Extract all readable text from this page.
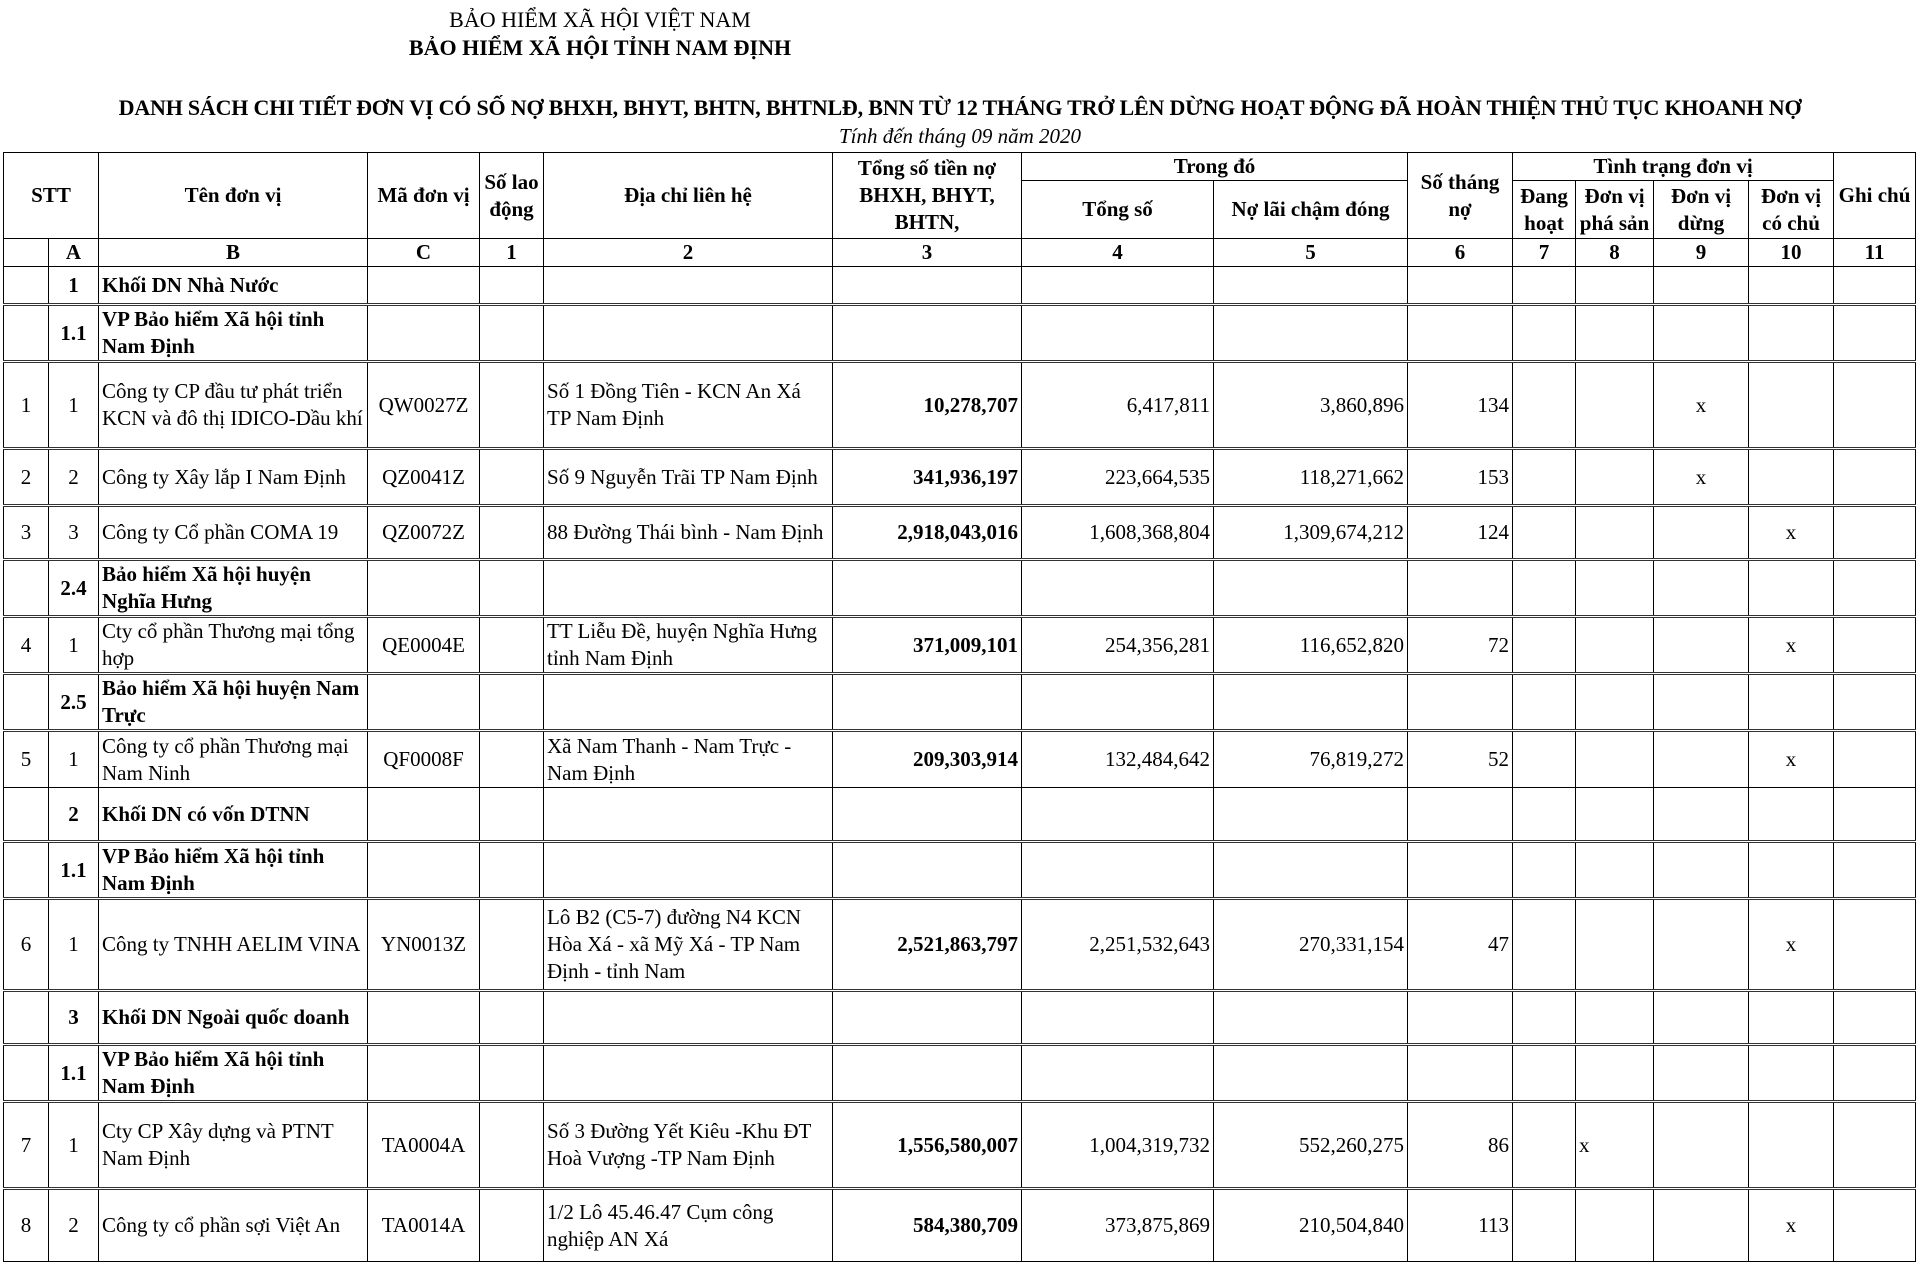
BẢO HIỂM XÃ HỘI VIỆT NAM
BẢO HIỂM XÃ HỘI TỈNH NAM ĐỊNH
DANH SÁCH CHI TIẾT ĐƠN VỊ CÓ SỐ NỢ BHXH, BHYT, BHTN, BHTNLĐ, BNN TỪ 12 THÁNG TRỞ LÊN DỪNG HOẠT ĐỘNG ĐÃ HOÀN THIỆN THỦ TỤC KHOANH NỢ
Tính đến tháng 09 năm 2020
STT		Tên đơn vị	Mã đơn vị	Số lao động	Địa chỉ liên hệ	Tổng số tiền nợ BHXH, BHYT, BHTN,	Trong đó		Số tháng nợ	Tình trạng đơn vị				Ghi chú
							Tổng số	Nợ lãi chậm đóng		Đang hoạt	Đơn vị phá sản	Đơn vị dừng	Đơn vị có chủ	
	A	B	C	1	2	3	4	5	6	7	8	9	10	11
	1	Khối DN Nhà Nước												
	1.1	VP Bảo hiểm Xã hội tỉnh Nam Định												
1	1	Công ty CP đầu tư phát triển KCN và đô thị IDICO-Dầu khí	QW0027Z		Số 1 Đồng Tiên - KCN An Xá TP Nam Định	10,278,707	6,417,811	3,860,896	134			x		
2	2	Công ty Xây lắp I Nam Định	QZ0041Z		Số 9 Nguyễn Trãi TP Nam Định	341,936,197	223,664,535	118,271,662	153			x		
3	3	Công ty Cổ phần COMA 19	QZ0072Z		88 Đường Thái bình - Nam Định	2,918,043,016	1,608,368,804	1,309,674,212	124				x	
	2.4	Bảo hiểm Xã hội huyện Nghĩa Hưng												
4	1	Cty cổ phần Thương mại tổng hợp	QE0004E		TT Liễu Đề, huyện Nghĩa Hưng tỉnh Nam Định	371,009,101	254,356,281	116,652,820	72				x	
	2.5	Bảo hiểm Xã hội huyện Nam Trực												
5	1	Công ty cổ phần Thương mại Nam Ninh	QF0008F		Xã Nam Thanh - Nam Trực - Nam Định	209,303,914	132,484,642	76,819,272	52				x	
	2	Khối DN có vốn DTNN												
	1.1	VP Bảo hiểm Xã hội tỉnh Nam Định												
6	1	Công ty TNHH AELIM VINA	YN0013Z		Lô B2 (C5-7) đường N4 KCN Hòa Xá - xã Mỹ Xá - TP Nam Định - tỉnh Nam	2,521,863,797	2,251,532,643	270,331,154	47				x	
	3	Khối DN Ngoài quốc doanh												
	1.1	VP Bảo hiểm Xã hội tỉnh Nam Định												
7	1	Cty CP Xây dựng và PTNT Nam Định	TA0004A		Số 3 Đường Yết Kiêu -Khu ĐT Hoà Vượng -TP Nam Định	1,556,580,007	1,004,319,732	552,260,275	86		x			
8	2	Công ty cổ phần sợi Việt An	TA0014A		1/2 Lô 45.46.47 Cụm công nghiệp AN Xá	584,380,709	373,875,869	210,504,840	113				x	
